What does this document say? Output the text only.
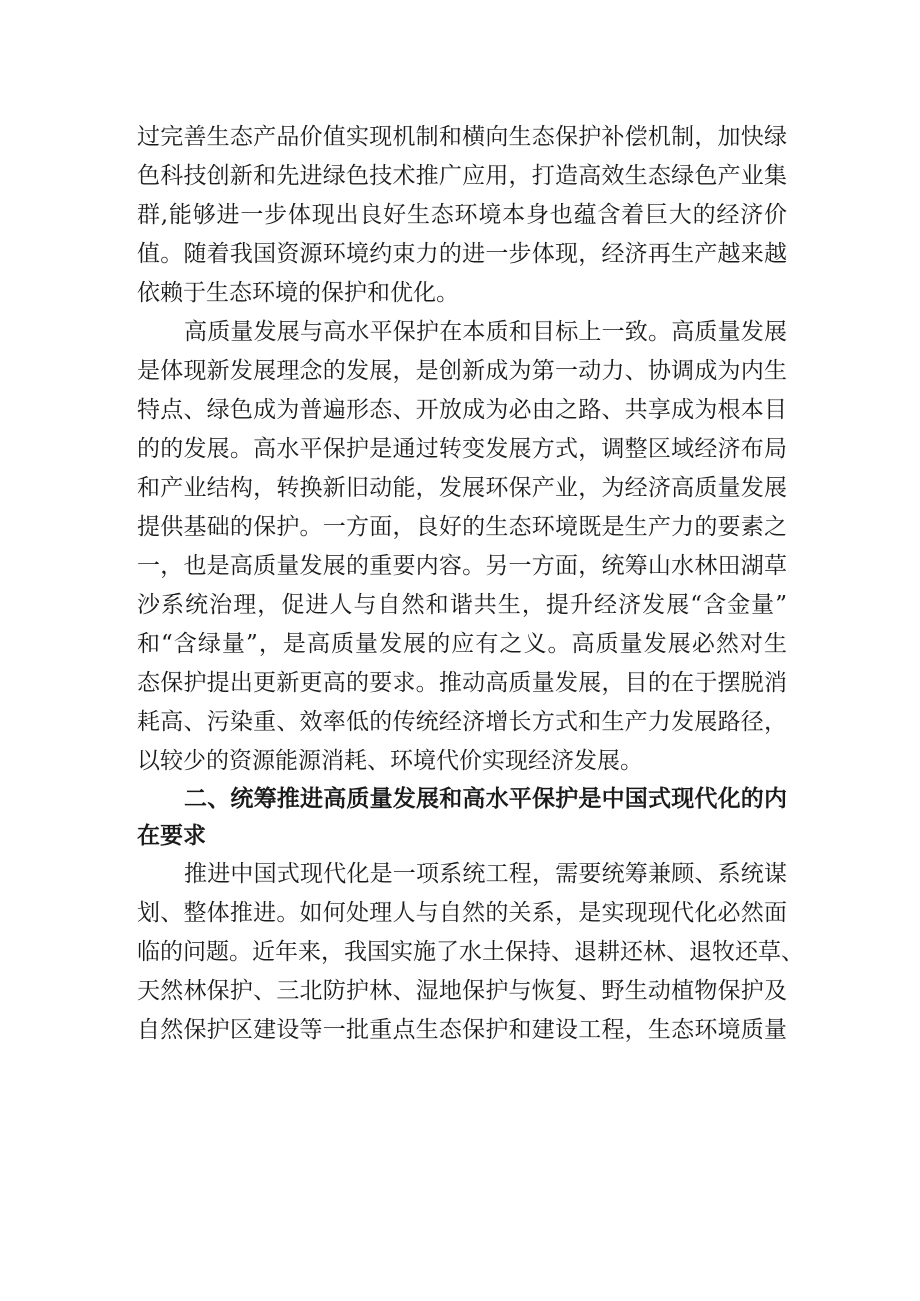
过完善生态产品价值实现机制和横向生态保护补偿机制，加快绿
色科技创新和先进绿色技术推广应用，打造高效生态绿色产业集
群,能够进一步体现出良好生态环境本身也蕴含着巨大的经济价
值。随着我国资源环境约束力的进一步体现，经济再生产越来越
依赖于生态环境的保护和优化。
高质量发展与高水平保护在本质和目标上一致。高质量发展
是体现新发展理念的发展，是创新成为第一动力、协调成为内生
特点、绿色成为普遍形态、开放成为必由之路、共享成为根本目
的的发展。高水平保护是通过转变发展方式，调整区域经济布局
和产业结构，转换新旧动能，发展环保产业，为经济高质量发展
提供基础的保护。一方面，良好的生态环境既是生产力的要素之
一，也是高质量发展的重要内容。另一方面，统筹山水林田湖草
沙系统治理，促进人与自然和谐共生，提升经济发展“含金量”
和“含绿量”，是高质量发展的应有之义。高质量发展必然对生
态保护提出更新更高的要求。推动高质量发展，目的在于摆脱消
耗高、污染重、效率低的传统经济增长方式和生产力发展路径，
以较少的资源能源消耗、环境代价实现经济发展。
二、统筹推进高质量发展和高水平保护是中国式现代化的内
在要求
推进中国式现代化是一项系统工程，需要统筹兼顾、系统谋
划、整体推进。如何处理人与自然的关系，是实现现代化必然面
临的问题。近年来，我国实施了水土保持、退耕还林、退牧还草、
天然林保护、三北防护林、湿地保护与恢复、野生动植物保护及
自然保护区建设等一批重点生态保护和建设工程，生态环境质量
